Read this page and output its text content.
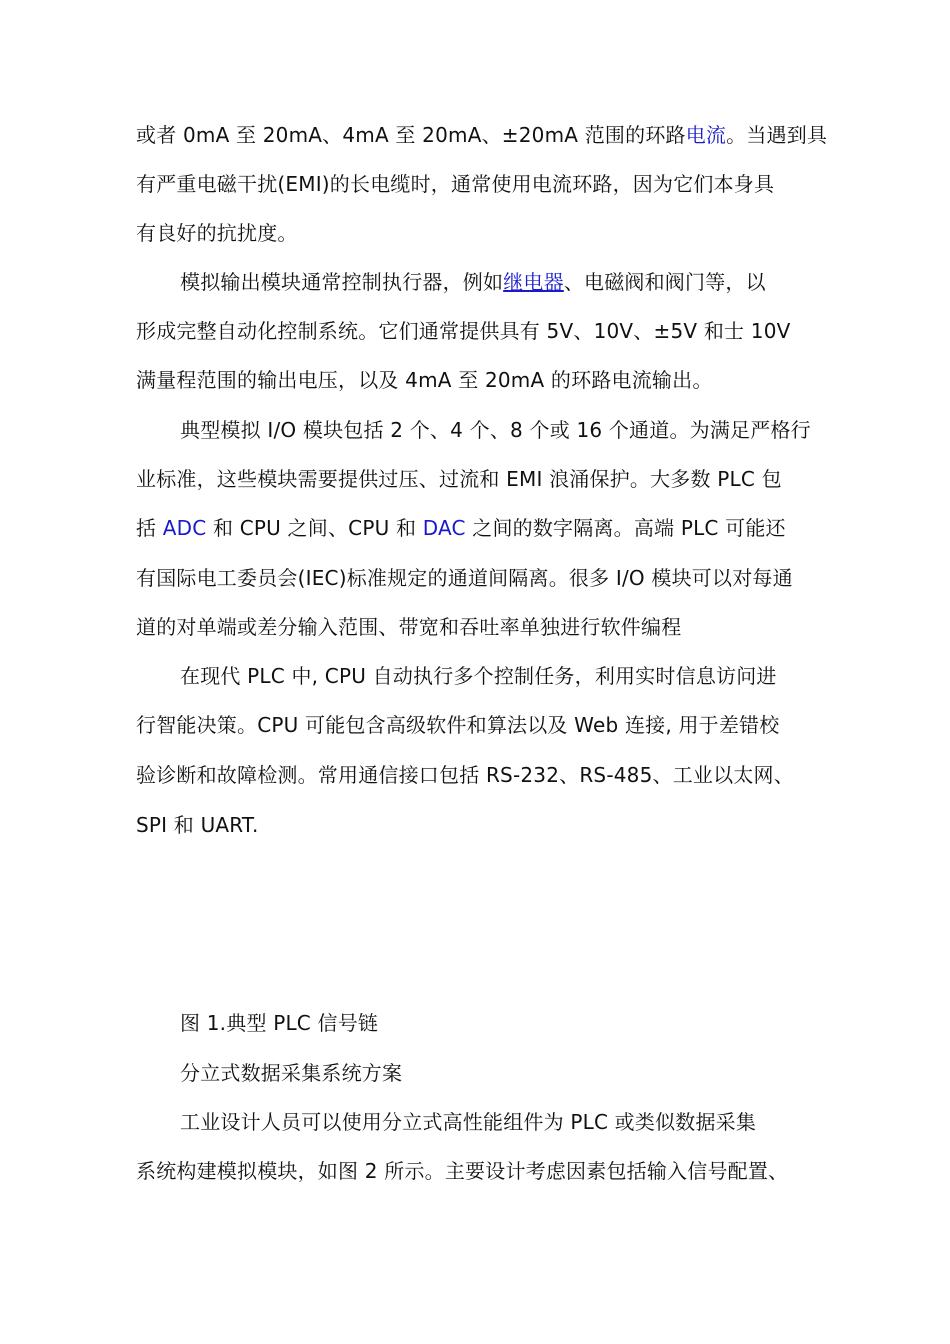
或者 0mA 至 20mA、4mA 至 20mA、±20mA 范围的环路电流。当遇到具
有严重电磁干扰(EMI)的长电缆时，通常使用电流环路，因为它们本身具
有良好的抗扰度。
模拟输出模块通常控制执行器，例如继电器、电磁阀和阀门等，以
形成完整自动化控制系统。它们通常提供具有 5V、10V、±5V 和士 10V
满量程范围的输出电压，以及 4mA 至 20mA 的环路电流输出。
典型模拟 I/O 模块包括 2 个、4 个、8 个或 16 个通道。为满足严格行
业标准，这些模块需要提供过压、过流和 EMI 浪涌保护。大多数 PLC 包
括 ADC 和 CPU 之间、CPU 和 DAC 之间的数字隔离。高端 PLC 可能还
有国际电工委员会(IEC)标准规定的通道间隔离。很多 I/O 模块可以对每通
道的对单端或差分输入范围、带宽和吞吐率单独进行软件编程
在现代 PLC 中, CPU 自动执行多个控制任务，利用实时信息访问进
行智能决策。CPU 可能包含高级软件和算法以及 Web 连接, 用于差错校
验诊断和故障检测。常用通信接口包括 RS-232、RS-485、工业以太网、
SPI 和 UART.
图 1.典型 PLC 信号链
分立式数据采集系统方案
工业设计人员可以使用分立式高性能组件为 PLC 或类似数据采集
系统构建模拟模块，如图 2 所示。主要设计考虑因素包括输入信号配置、
